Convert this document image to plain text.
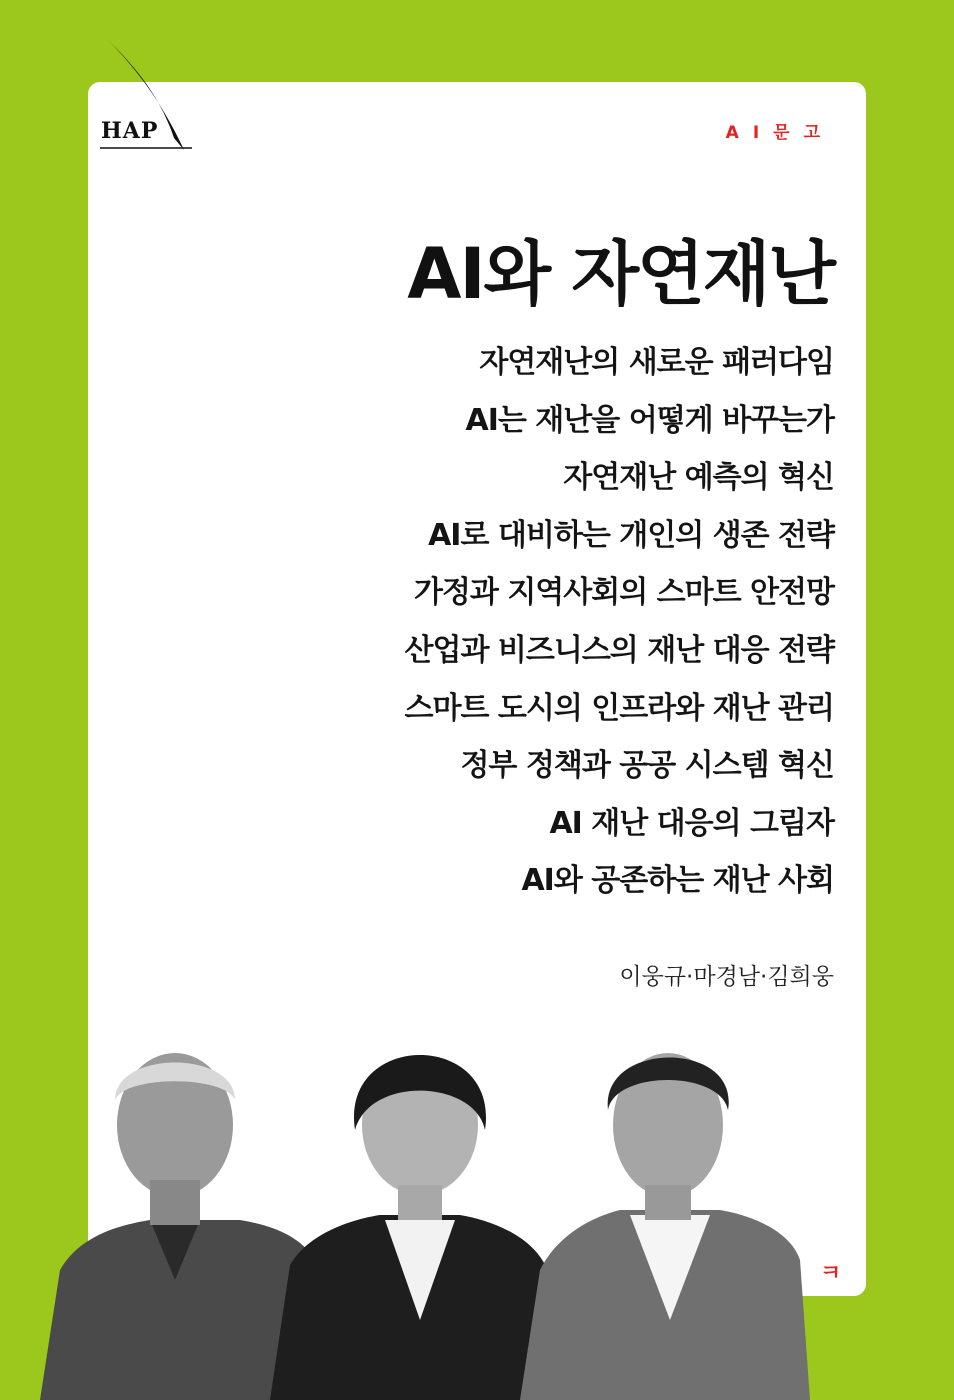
HAP	AI문고
AI와 자연재난
자연재난의 새로운 패러다임
AI는 재난을 어떻게 바꾸는가
자연재난 예측의 혁신
AI로 대비하는 개인의 생존 전략
가정과 지역사회의 스마트 안전망
산업과 비즈니스의 재난 대응 전략
스마트 도시의 인프라와 재난 관리
정부 정책과 공공 시스템 혁신
AI 재난 대응의 그림자
AI와 공존하는 재난 사회
이웅규·마경남·김희웅
ㅋ
